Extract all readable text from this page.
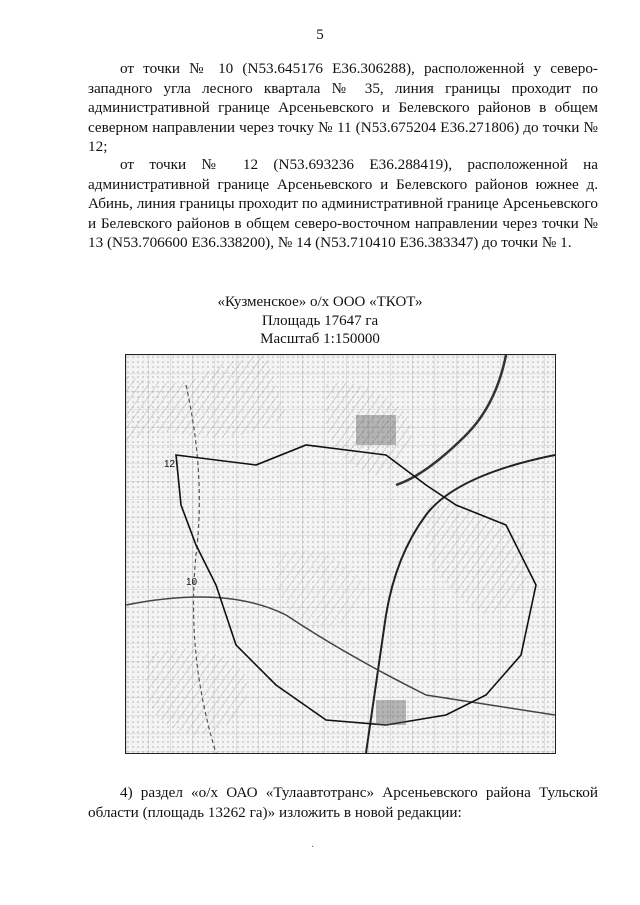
5

от точки № 10 (N53.645176 E36.306288), расположенной у северо-западного угла лесного квартала № 35, линия границы проходит по административной границе Арсеньевского и Белевского районов в общем северном направлении через точку № 11 (N53.675204 E36.271806) до точки № 12;

от точки № 12 (N53.693236 E36.288419), расположенной на административной границе Арсеньевского и Белевского районов южнее д. Абинь, линия границы проходит по административной границе Арсеньевского и Белевского районов в общем северо-восточном направлении через точки № 13 (N53.706600 E36.338200), № 14 (N53.710410 E36.383347) до точки № 1.

«Кузменское» о/х ООО «ТКОТ»
Площадь 17647 га
Масштаб 1:150000
10
12

4) раздел «о/х ОАО «Тулаавтотранс» Арсеньевского района Тульской области (площадь 13262 га)» изложить в новой редакции:

·
